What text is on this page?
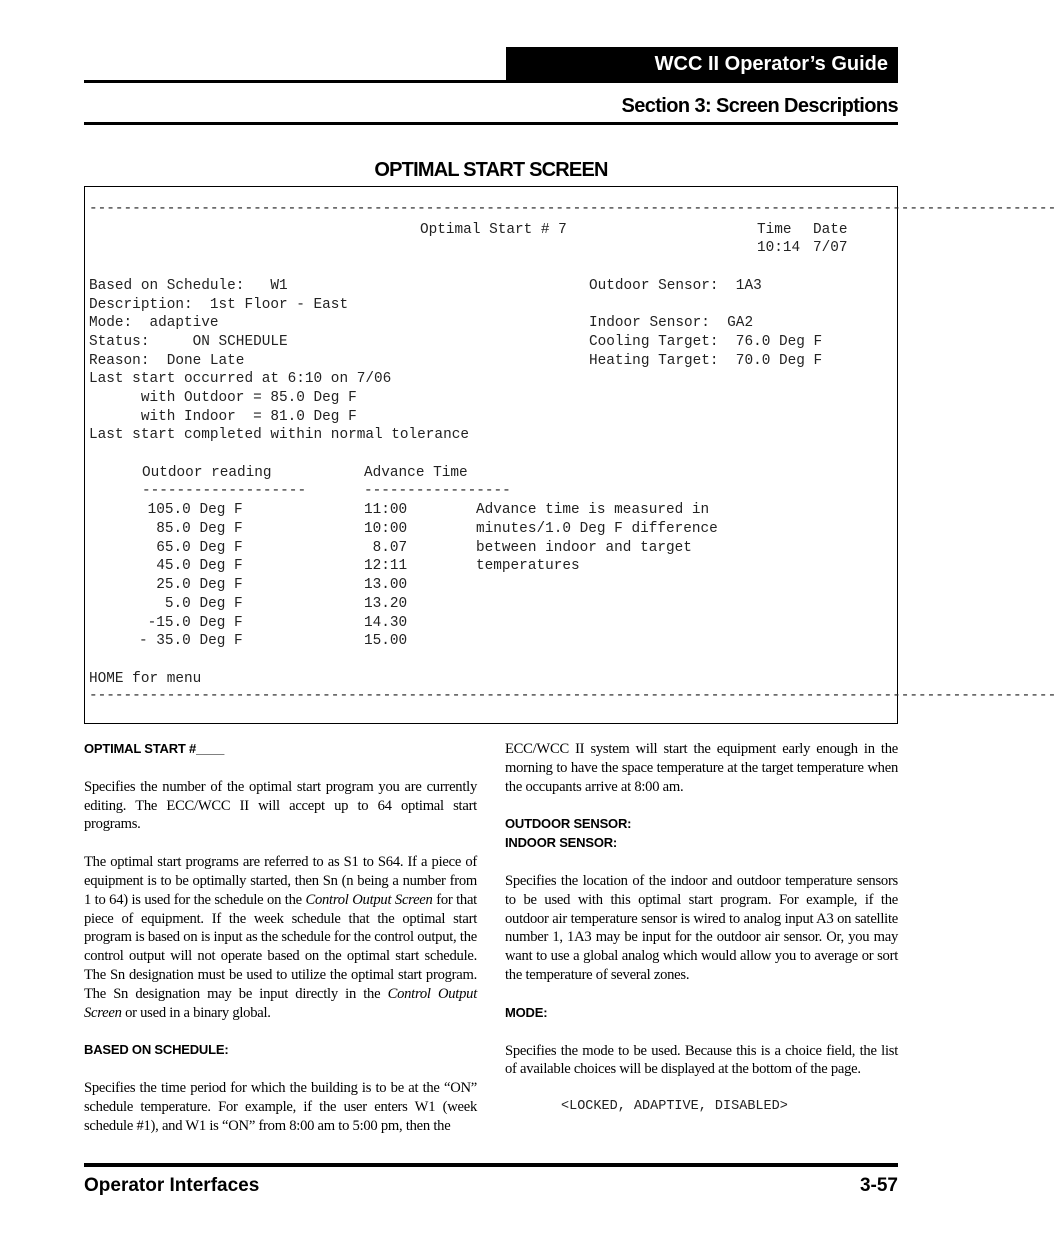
WCC II Operator’s Guide
Section 3: Screen Descriptions
OPTIMAL START SCREEN
----------------------------------------------------------------------------------------------------------------
Optimal Start # 7	Time Date
10:14 7/07
Based on Schedule:   W1
Description:  1st Floor - East
Mode:  adaptive
Status:     ON SCHEDULE
Reason:  Done Late
Last start occurred at 6:10 on 7/06
with Outdoor = 85.0 Deg F
with Indoor  = 81.0 Deg F
Last start completed within normal tolerance
Outdoor Sensor:  1A3
Indoor Sensor:  GA2
Cooling Target:  76.0 Deg F
Heating Target:  70.0 Deg F
Outdoor reading	Advance Time
-------------------	-----------------
105.0 Deg F	11:00
85.0 Deg F	10:00
65.0 Deg F	8.07
45.0 Deg F	12:11
25.0 Deg F	13.00
5.0 Deg F	13.20
-15.0 Deg F	14.30
- 35.0 Deg F	15.00
Advance time is measured in
minutes/1.0 Deg F difference
between indoor and target
temperatures
HOME for menu
----------------------------------------------------------------------------------------------------------------
OPTIMAL START #____

Specifies the number of the optimal start program you are currently editing. The ECC/WCC II will accept up to 64 optimal start programs.

The optimal start programs are referred to as S1 to S64. If a piece of equipment is to be optimally started, then Sn (n being a number from 1 to 64) is used for the schedule on the Control Output Screen for that piece of equipment. If the week schedule that the optimal start program is based on is input as the schedule for the control output, the control output will not operate based on the optimal start schedule. The Sn designation must be used to utilize the optimal start program. The Sn designation may be input directly in the Control Output Screen or used in a binary global.

BASED ON SCHEDULE:

Specifies the time period for which the building is to be at the “ON” schedule temperature. For example, if the user enters W1 (week schedule #1), and W1 is “ON” from 8:00 am to 5:00 pm, then the

ECC/WCC II system will start the equipment early enough in the morning to have the space temperature at the target temperature when the occupants arrive at 8:00 am.

OUTDOOR SENSOR:
INDOOR SENSOR:

Specifies the location of the indoor and outdoor temperature sensors to be used with this optimal start program. For example, if the outdoor air temperature sensor is wired to analog input A3 on satellite number 1, 1A3 may be input for the outdoor air sensor. Or, you may want to use a global analog which would allow you to average or sort the temperature of several zones.

MODE:

Specifies the mode to be used. Because this is a choice field, the list of available choices will be displayed at the bottom of the page.

<LOCKED, ADAPTIVE, DISABLED>
Operator Interfaces	3-57
